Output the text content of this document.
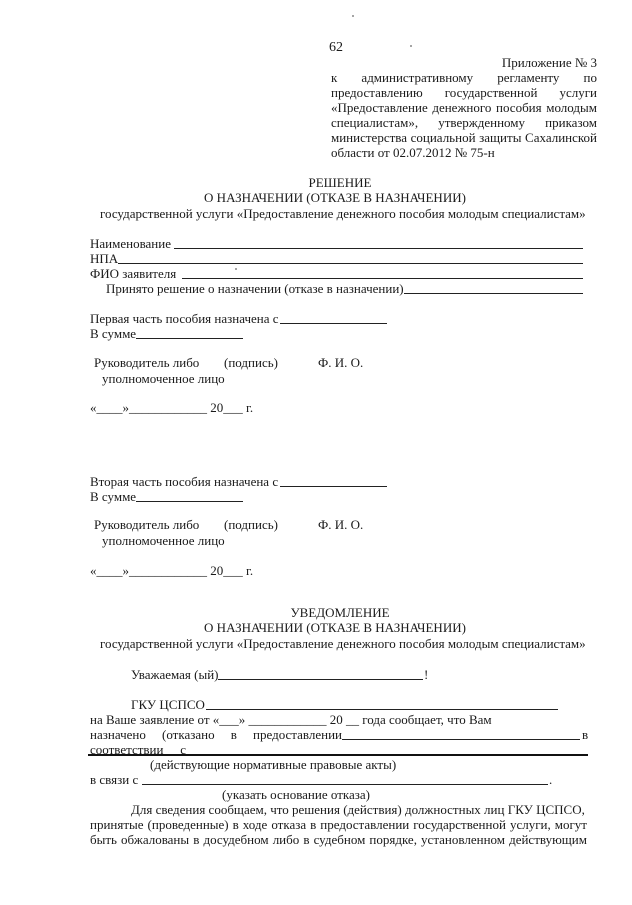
62
Приложение № 3
к административному регламенту по
предоставлению государственной услуги
«Предоставление денежного пособия молодым
специалистам», утвержденному приказом
министерства социальной защиты Сахалинской
области от 02.07.2012 № 75-н
РЕШЕНИЕ
О НАЗНАЧЕНИИ (ОТКАЗЕ В НАЗНАЧЕНИИ)
государственной услуги «Предоставление денежного пособия молодым специалистам»
Наименование
НПА
ФИО заявителя
Принято решение о назначении (отказе в назначении)
Первая часть пособия назначена с
В сумме
Руководитель либо (подпись)	Ф. И. О.
уполномоченное лицо
«____»____________ 20___ г.
Вторая часть пособия назначена с
В сумме
Руководитель либо (подпись)	Ф. И. О.
уполномоченное лицо
«____»____________ 20___ г.
УВЕДОМЛЕНИЕ
О НАЗНАЧЕНИИ (ОТКАЗЕ В НАЗНАЧЕНИИ)
государственной услуги «Предоставление денежного пособия молодым специалистам»
Уважаемая (ый)	!
ГКУ ЦСПСО
на Ваше заявление от «___» ____________ 20 __ года сообщает, что Вам
назначено (отказано в предоставлении	в
соответствии с
(действующие нормативные правовые акты)
в связи с	.
(указать основание отказа)
Для сведения сообщаем, что решения (действия) должностных лиц ГКУ ЦСПСО,
принятые (проведенные) в ходе отказа в предоставлении государственной услуги, могут
быть обжалованы в досудебном либо в судебном порядке, установленном действующим
